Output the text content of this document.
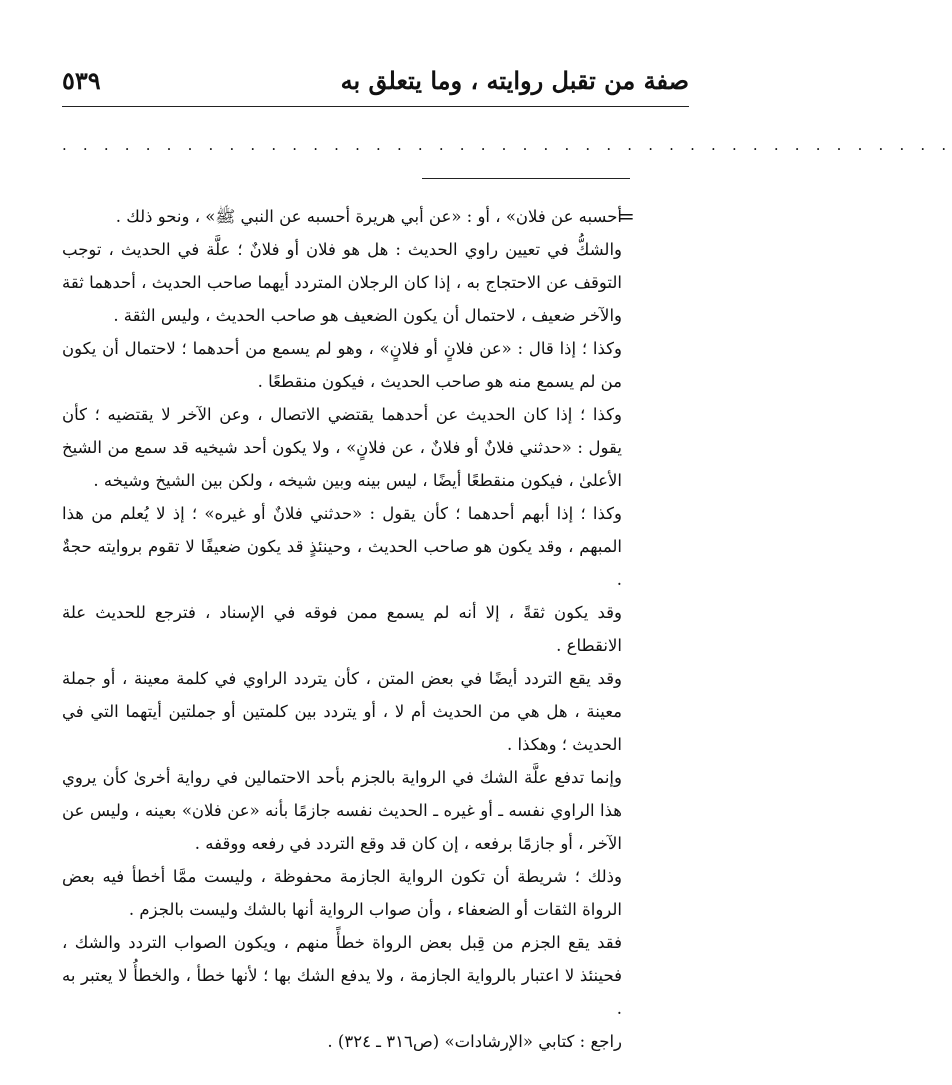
صفة من تقبل روايته ، وما يتعلق به
٥٣٩
· · · · · · · · · · · · · · · · · · · · · · · · · · · · · · · · · · · · · · · · · · ·
=

أحسبه عن فلان» ، أو : «عن أبي هريرة أحسبه عن النبي ﷺ» ، ونحو ذلك .

والشكُّ في تعيين راوي الحديث : هل هو فلان أو فلانٌ ؛ علَّة في الحديث ، توجب التوقف عن الاحتجاج به ، إذا كان الرجلان المتردد أيهما صاحب الحديث ، أحدهما ثقة والآخر ضعيف ، لاحتمال أن يكون الضعيف هو صاحب الحديث ، وليس الثقة .

وكذا ؛ إذا قال : «عن فلانٍ أو فلانٍ» ، وهو لم يسمع من أحدهما ؛ لاحتمال أن يكون من لم يسمع منه هو صاحب الحديث ، فيكون منقطعًا .

وكذا ؛ إذا كان الحديث عن أحدهما يقتضي الاتصال ، وعن الآخر لا يقتضيه ؛ كأن يقول : «حدثني فلانٌ أو فلانٌ ، عن فلانٍ» ، ولا يكون أحد شيخيه قد سمع من الشيخ الأعلىٰ ، فيكون منقطعًا أيضًا ، ليس بينه وبين شيخه ، ولكن بين الشيخ وشيخه .

وكذا ؛ إذا أبهم أحدهما ؛ كأن يقول : «حدثني فلانٌ أو غيره» ؛ إذ لا يُعلم من هذا المبهم ، وقد يكون هو صاحب الحديث ، وحينئذٍ قد يكون ضعيفًا لا تقوم بروايته حجةٌ .

وقد يكون ثقةً ، إلا أنه لم يسمع ممن فوقه في الإسناد ، فترجع للحديث علة الانقطاع .

وقد يقع التردد أيضًا في بعض المتن ، كأن يتردد الراوي في كلمة معينة ، أو جملة معينة ، هل هي من الحديث أم لا ، أو يتردد بين كلمتين أو جملتين أيتهما التي في الحديث ؛ وهكذا .

وإنما تدفع علَّة الشك في الرواية بالجزم بأحد الاحتمالين في رواية أخرىٰ كأن يروي هذا الراوي نفسه ـ أو غيره ـ الحديث نفسه جازمًا بأنه «عن فلان» بعينه ، وليس عن الآخر ، أو جازمًا برفعه ، إن كان قد وقع التردد في رفعه ووقفه .

وذلك ؛ شريطة أن تكون الرواية الجازمة محفوظة ، وليست ممَّا أخطأ فيه بعض الرواة الثقات أو الضعفاء ، وأن صواب الرواية أنها بالشك وليست بالجزم .

فقد يقع الجزم من قِبل بعض الرواة خطأً منهم ، ويكون الصواب التردد والشك ، فحينئذ لا اعتبار بالرواية الجازمة ، ولا يدفع الشك بها ؛ لأنها خطأ ، والخطأُ لا يعتبر به .

راجع : كتابي «الإرشادات» (ص٣١٦ ـ ٣٢٤) .
